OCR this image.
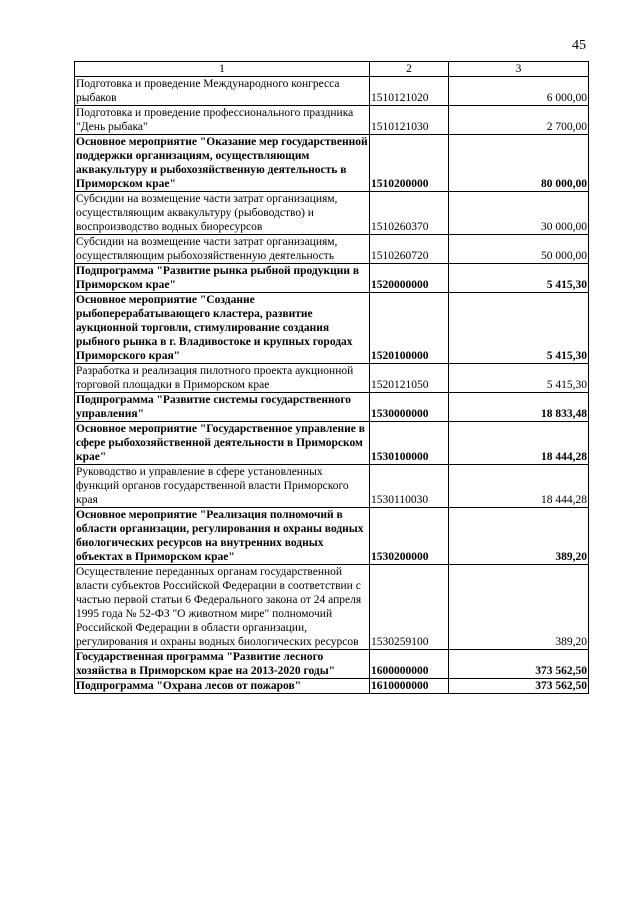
45
1	2	3
Подготовка и проведение Международного конгресса рыбаков	1510121020	6 000,00
Подготовка и проведение профессионального праздника "День рыбака"	1510121030	2 700,00
Основное мероприятие "Оказание мер государственной поддержки организациям, осуществляющим аквакультуру и рыбохозяйственную деятельность в Приморском крае"	1510200000	80 000,00
Субсидии на возмещение части затрат организациям, осуществляющим аквакультуру (рыбоводство) и воспроизводство водных биоресурсов	1510260370	30 000,00
Субсидии на возмещение части затрат организациям, осуществляющим рыбохозяйственную деятельность	1510260720	50 000,00
Подпрограмма "Развитие рынка рыбной продукции в Приморском крае"	1520000000	5 415,30
Основное мероприятие "Создание рыбоперерабатывающего кластера, развитие аукционной торговли, стимулирование создания рыбного рынка в г. Владивостоке и крупных городах Приморского края"	1520100000	5 415,30
Разработка и реализация пилотного проекта аукционной торговой площадки в Приморском крае	1520121050	5 415,30
Подпрограмма "Развитие системы государственного управления"	1530000000	18 833,48
Основное мероприятие "Государственное управление в сфере рыбохозяйственной деятельности в Приморском крае"	1530100000	18 444,28
Руководство и управление в сфере установленных функций органов государственной власти Приморского края	1530110030	18 444,28
Основное мероприятие "Реализация полномочий в области организации, регулирования и охраны водных биологических ресурсов на внутренних водных объектах в Приморском крае"	1530200000	389,20
Осуществление переданных органам государственной власти субъектов Российской Федерации в соответствии с частью первой статьи 6 Федерального закона от 24 апреля 1995 года № 52-ФЗ "О животном мире" полномочий Российской Федерации в области организации, регулирования и охраны водных биологических ресурсов	1530259100	389,20
Государственная программа "Развитие лесного хозяйства в Приморском крае на 2013-2020 годы"	1600000000	373 562,50
Подпрограмма "Охрана лесов от пожаров"	1610000000	373 562,50
